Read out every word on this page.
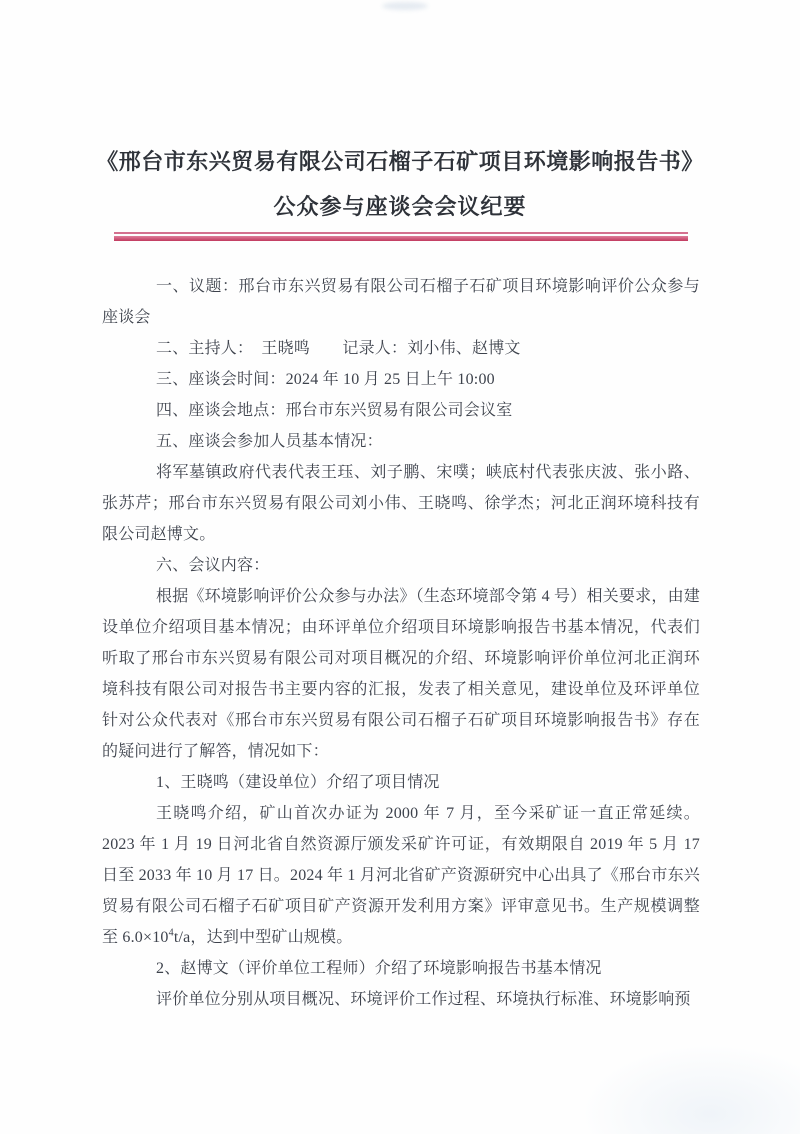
《邢台市东兴贸易有限公司石榴子石矿项目环境影响报告书》
公众参与座谈会会议纪要

一、议题：邢台市东兴贸易有限公司石榴子石矿项目环境影响评价公众参与座谈会

二、主持人：　王晓鸣　　记录人：刘小伟、赵博文

三、座谈会时间：2024 年 10 月 25 日上午 10:00

四、座谈会地点：邢台市东兴贸易有限公司会议室

五、座谈会参加人员基本情况：

将军墓镇政府代表代表王珏、刘子鹏、宋噗；峡底村代表张庆波、张小路、张苏芹；邢台市东兴贸易有限公司刘小伟、王晓鸣、徐学杰；河北正润环境科技有限公司赵博文。

六、会议内容：

根据《环境影响评价公众参与办法》（生态环境部令第 4 号）相关要求，由建设单位介绍项目基本情况；由环评单位介绍项目环境影响报告书基本情况，代表们听取了邢台市东兴贸易有限公司对项目概况的介绍、环境影响评价单位河北正润环境科技有限公司对报告书主要内容的汇报，发表了相关意见，建设单位及环评单位针对公众代表对《邢台市东兴贸易有限公司石榴子石矿项目环境影响报告书》存在的疑问进行了解答，情况如下：

1、王晓鸣（建设单位）介绍了项目情况

王晓鸣介绍，矿山首次办证为 2000 年 7 月，至今采矿证一直正常延续。2023 年 1 月 19 日河北省自然资源厅颁发采矿许可证，有效期限自 2019 年 5 月 17 日至 2033 年 10 月 17 日。2024 年 1 月河北省矿产资源研究中心出具了《邢台市东兴贸易有限公司石榴子石矿项目矿产资源开发利用方案》评审意见书。生产规模调整至 $6.0\times 10^4t/a$，达到中型矿山规模。

2、赵博文（评价单位工程师）介绍了环境影响报告书基本情况

评价单位分别从项目概况、环境评价工作过程、环境执行标准、环境影响预
